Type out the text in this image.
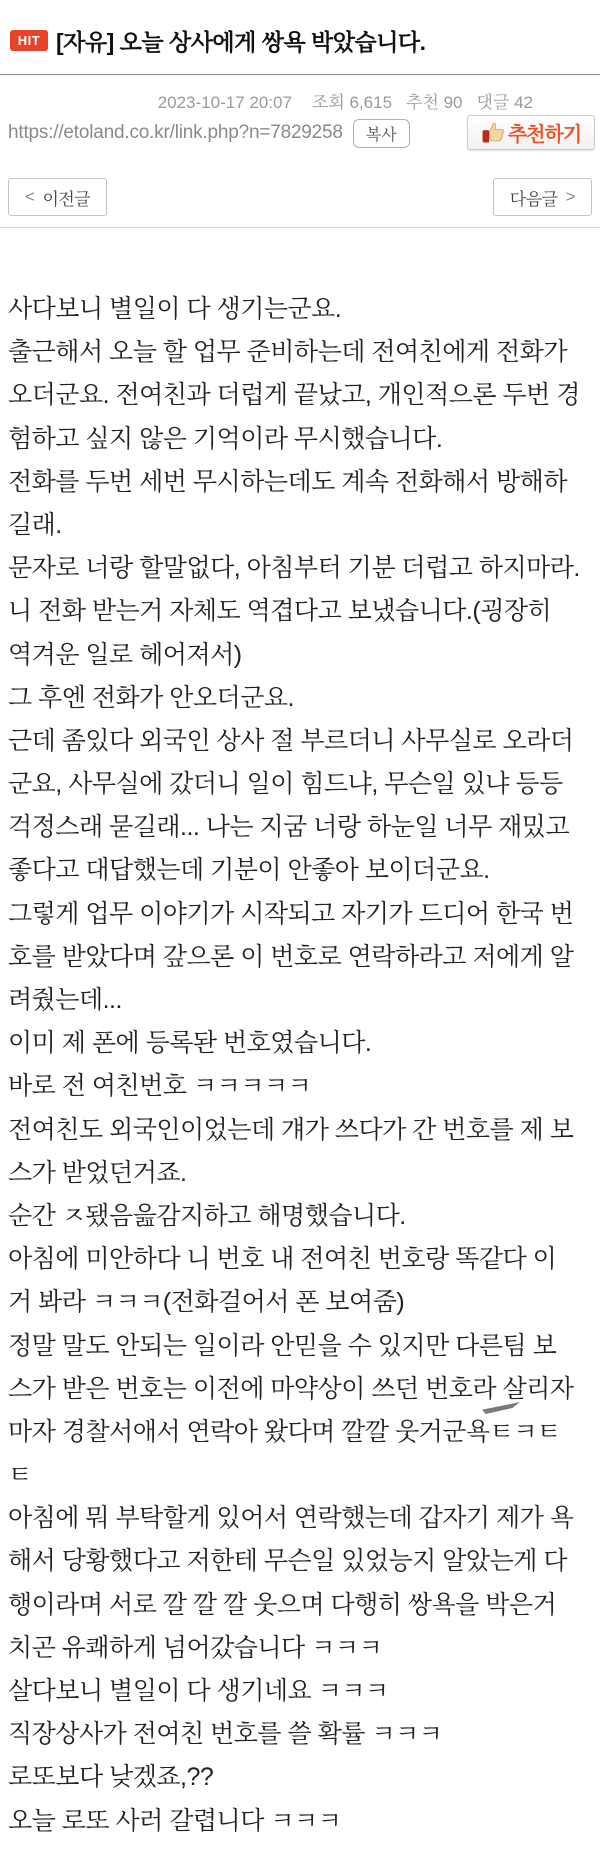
HIT [자유] 오늘 상사에게 쌍욕 박았습니다.
2023-10-17 20:07 조회 6,615 추천 90 댓글 42
https://etoland.co.kr/link.php?n=7829258	복사	추천하기
< 이전글	다음글 >
사다보니 별일이 다 생기는군요.
출근해서 오늘 할 업무 준비하는데 전여친에게 전화가
오더군요. 전여친과 더럽게 끝났고, 개인적으론 두번 경
험하고 싶지 않은 기억이라 무시했습니다.
전화를 두번 세번 무시하는데도 계속 전화해서 방해하
길래.
문자로 너랑 할말없다, 아침부터 기분 더럽고 하지마라.
니 전화 받는거 자체도 역겹다고 보냈습니다.(굉장히
역겨운 일로 헤어져서)
그 후엔 전화가 안오더군요.
근데 좀있다 외국인 상사 절 부르더니 사무실로 오라더
군요, 사무실에 갔더니 일이 힘드냐, 무슨일 있냐 등등
걱정스래 묻길래... 나는 지굼 너랑 하눈일 너무 재밌고
좋다고 대답했는데 기분이 안좋아 보이더군요.
그렇게 업무 이야기가 시작되고 자기가 드디어 한국 번
호를 받았다며 갚으론 이 번호로 연락하라고 저에게 알
려줬는데...
이미 제 폰에 등록돤 번호였습니다.
바로 전 여친번호 ㅋㅋㅋㅋㅋ
전여친도 외국인이었는데 걔가 쓰다가 간 번호를 제 보
스가 받었던거죠.
순간 ㅈ됐음읊감지하고 해명했습니다.
아침에 미안하다 니 번호 내 전여친 번호랑 똑같다 이
거 봐라 ㅋㅋㅋ(전화걸어서 폰 보여줌)
정말 말도 안되는 일이라 안믿을 수 있지만 다른팀 보
스가 받은 번호는 이전에 마약상이 쓰던 번호라 살리자
마자 경찰서애서 연락아 왔다며 깔깔 웃거군욕ㅌㅋㅌ
ㅌ
아침에 뭐 부탁할게 있어서 연락했는데 갑자기 제가 욕
해서 당황했다고 저한테 무슨일 있었능지 알았는게 다
행이라며 서로 깔 깔 깔 웃으며 다행히 쌍욕을 박은거
치곤 유쾌하게 넘어갔습니다 ㅋㅋㅋ
살다보니 별일이 다 생기네요 ㅋㅋㅋ
직장상사가 전여친 번호를 쓸 확률 ㅋㅋㅋ
로또보다 낮겠죠,??
오늘 로또 사러 갈렵니다 ㅋㅋㅋ
